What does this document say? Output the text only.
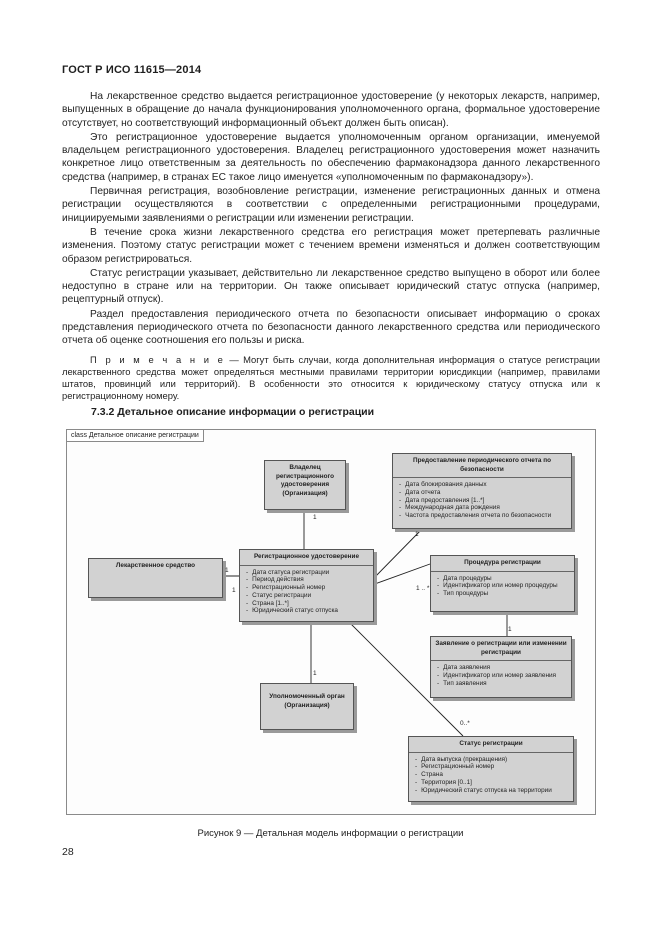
ГОСТ Р ИСО 11615—2014

На лекарственное средство выдается регистрационное удостоверение (у некоторых лекарств, например, выпущенных в обращение до начала функционирования уполномоченного органа, формальное удостоверение отсутствует, но соответствующий информационный объект должен быть описан).

Это регистрационное удостоверение выдается уполномоченным органом организации, именуемой владельцем регистрационного удостоверения. Владелец регистрационного удостоверения может назначить конкретное лицо ответственным за деятельность по обеспечению фармаконадзора данного лекарственного средства (например, в странах ЕС такое лицо именуется «уполномоченным по фармаконадзору»).

Первичная регистрация, возобновление регистрации, изменение регистрационных данных и отмена регистрации осуществляются в соответствии с определенными регистрационными процедурами, инициируемыми заявлениями о регистрации или изменении регистрации.

В течение срока жизни лекарственного средства его регистрация может претерпевать различные изменения. Поэтому статус регистрации может с течением времени изменяться и должен соответствующим образом регистрироваться.

Статус регистрации указывает, действительно ли лекарственное средство выпущено в оборот или более недоступно в стране или на территории. Он также описывает юридический статус отпуска (например, рецептурный отпуск).

Раздел предоставления периодического отчета по безопасности описывает информацию о сроках представления периодического отчета по безопасности данного лекарственного средства или периодического отчета об оценке соотношения его пользы и риска.

П р и м е ч а н и е — Могут быть случаи, когда дополнительная информация о статусе регистрации лекарственного средства может определяться местными правилами территории юрисдикции (например, правилами штатов, провинций или территорий). В особенности это относится к юридическому статусу отпуска или к регистрационному номеру.

7.3.2 Детальное описание информации о регистрации
class Детальное описание регистрации
Владелец регистрационного удостоверения (Организация)
Предоставление периодического отчета по безопасности
- Дата блокирования данных
- Дата отчета
- Дата предоставления [1..*]
- Международная дата рождения
- Частота предоставления отчета по безопасности
Лекарственное средство
Регистрационное удостоверение
- Дата статуса регистрации
- Период действия
- Регистрационный номер
- Статус регистрации
- Страна [1..*]
- Юридический статус отпуска
Процедура регистрации
- Дата процедуры
- Идентификатор или номер процедуры
- Тип процедуры
Заявление о регистрации или изменении регистрации
- Дата заявления
- Идентификатор или номер заявления
- Тип заявления
Уполномоченный орган (Организация)
Статус регистрации
- Дата выпуска (прекращения)
- Регистрационный номер
- Страна
- Территория [0..1]
- Юридический статус отпуска на территории
1
1
1
1	1 .. *
1
1
0..*
Рисунок 9 — Детальная модель информации о регистрации
28
